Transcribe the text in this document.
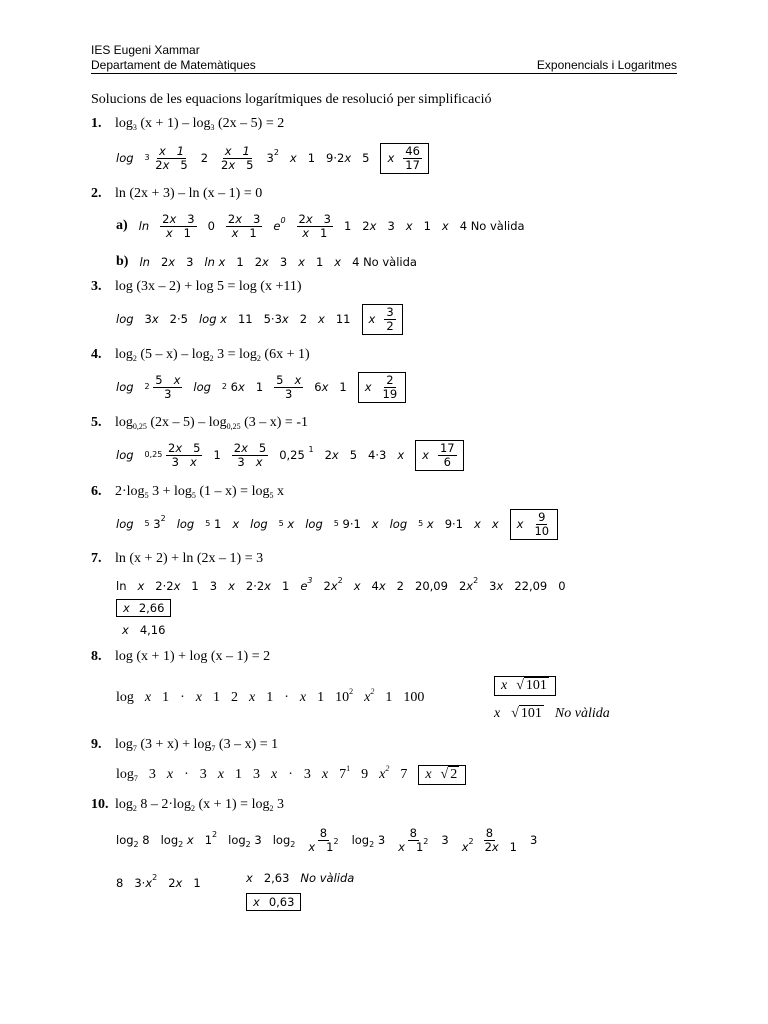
IES Eugeni Xammar
Departament de Matemàtiques	Exponencials i Logaritmes
Solucions de les equacions logarítmiques de resolució per simplificació
1. $\log_3 (x + 1) - \log_3 (2x - 5) = 2$
log 3
x   1
2x   5 2
x   1
2x   5 $3^2$ x 1 9·2x 5 x
46
17
2. ln (2x + 3) – ln (x – 1) = 0
a) ln
2x   3
x   1 0
2x   3
x   1 $e^0$ 2x   3
x   1 1 2x 3 x 1 x 4 No vàlida
b) ln 2x 3 ln x 1 2x 3 x 1 x 4 No vàlida
3. log (3x – 2) + log 5 = log (x +11)
log 3x 2·5 log x 11 5·3x 2 x 11 x
3
2
4. $\log_2 (5 - x) - \log_2 3 = \log_2 (6x + 1)$
log 2
5   x
3 log 2
6x 1
5   x
3 6x 1 x
2
19
5. $\log_{0,25} (2x - 5) - \log_{0,25} (3 - x) = -1$
log 0,25
2x   5
3   x 1
2x   5
3   x 0,25 $^1$ 2x 5 4·3 x x
17
6
6. $2\cdot\log_5$ $3 + \log_5 (1 - x) = \log_5 x$
log 5
$3^2$ log 5
1 x log 5
x log 5
9·1 x log 5
x 9·1 x x x
9
10
7. ln (x + 2) + ln (2x – 1) = 3
ln x 2·2x 1 3 x 2·2x 1 $e^3$ $2x^2$ x 4x 2 20,09 $2x^2$ 3x 22,09 0
x 2,66
x 4,16
8. log (x + 1) + log (x – 1) = 2
log x 1 · x 1 2 x 1 · x 1 $10^2$ $x^2$ 1 100
x √ 101
x √ 101 No vàlida
9. $\log_7 (3 + x) + \log_7 (3 - x) = 1$
$\log_7 3$ x · 3 x 1 3 x · 3 x $7^1$ 9 $x^2$ 7 x √ 2
10. $\log_2 8 - 2\cdot\log_2$ $(x + 1) = \log_2 3$
$\log_2 8$ $\log_2 x$ $1^2$ $\log_2 3$ $\log_2$
8
x   $1^2$ $\log_2 3$
8
x   $1^2$ 3
8
$x^2$   2x   1 3
8 $3\cdot x^2$ 2x 1	x 2,63 No vàlida
x 0,63
